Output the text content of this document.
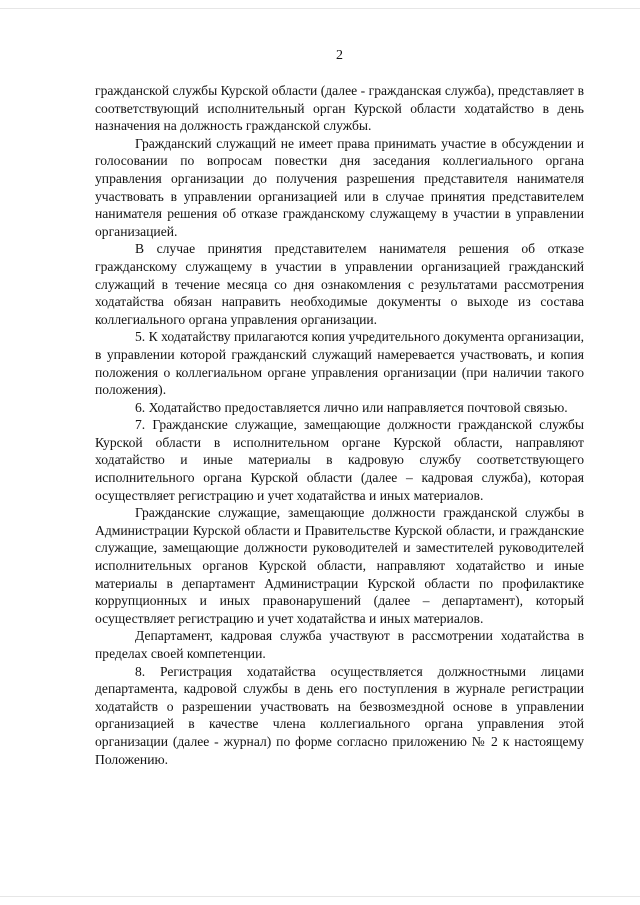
2

гражданской службы Курской области (далее - гражданская служба), представляет в соответствующий исполнительный орган Курской области ходатайство в день назначения на должность гражданской службы.

Гражданский служащий не имеет права принимать участие в обсуждении и голосовании по вопросам повестки дня заседания коллегиального органа управления организации до получения разрешения представителя нанимателя участвовать в управлении организацией или в случае принятия представителем нанимателя решения об отказе гражданскому служащему в участии в управлении организацией.

В случае принятия представителем нанимателя решения об отказе гражданскому служащему в участии в управлении организацией гражданский служащий в течение месяца со дня ознакомления с результатами рассмотрения ходатайства обязан направить необходимые документы о выходе из состава коллегиального органа управления организации.

5. К ходатайству прилагаются копия учредительного документа организации, в управлении которой гражданский служащий намеревается участвовать, и копия положения о коллегиальном органе управления организации (при наличии такого положения).

6. Ходатайство предоставляется лично или направляется почтовой связью.

7. Гражданские служащие, замещающие должности гражданской службы Курской области в исполнительном органе Курской области, направляют ходатайство и иные материалы в кадровую службу соответствующего исполнительного органа Курской области (далее – кадровая служба), которая осуществляет регистрацию и учет ходатайства и иных материалов.

Гражданские служащие, замещающие должности гражданской службы в Администрации Курской области и Правительстве Курской области, и гражданские служащие, замещающие должности руководителей и заместителей руководителей исполнительных органов Курской области, направляют ходатайство и иные материалы в департамент Администрации Курской области по профилактике коррупционных и иных правонарушений (далее – департамент), который осуществляет регистрацию и учет ходатайства и иных материалов.

Департамент, кадровая служба участвуют в рассмотрении ходатайства в пределах своей компетенции.

8. Регистрация ходатайства осуществляется должностными лицами департамента, кадровой службы в день его поступления в журнале регистрации ходатайств о разрешении участвовать на безвозмездной основе в управлении организацией в качестве члена коллегиального органа управления этой организации (далее - журнал) по форме согласно приложению № 2 к настоящему Положению.
